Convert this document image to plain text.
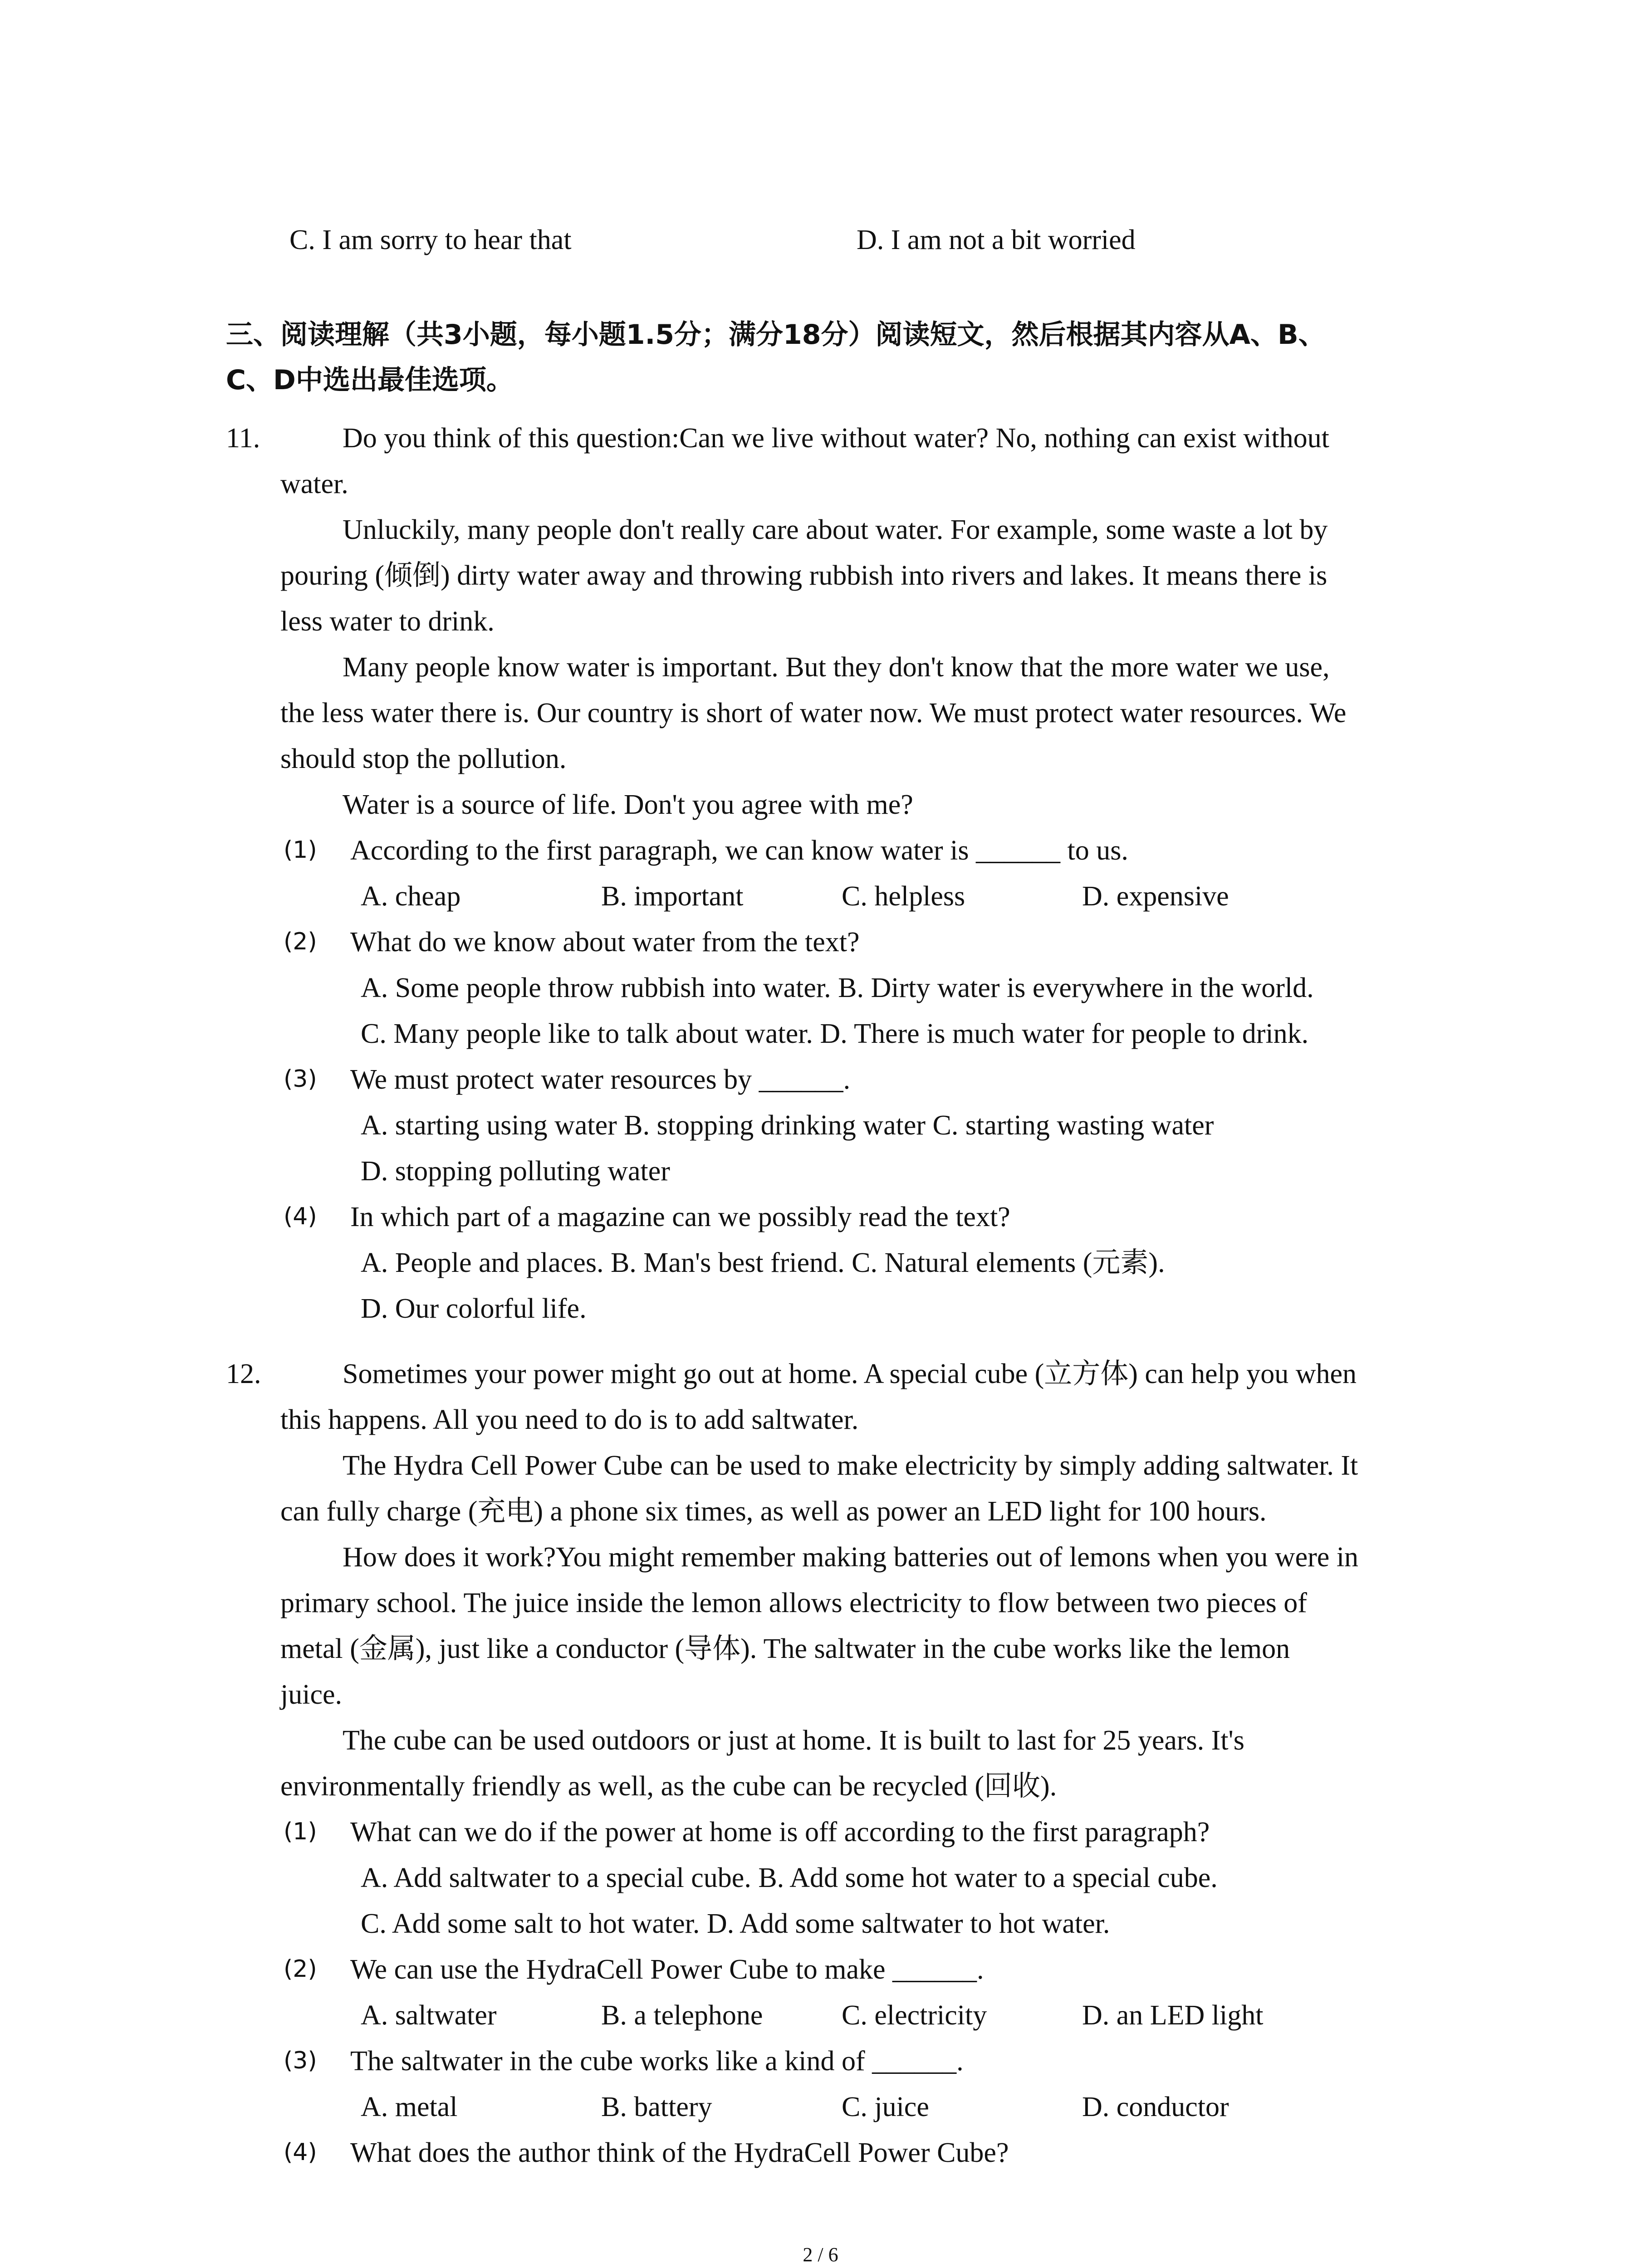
C. I am sorry to hear that	D. I am not a bit worried
三、阅读理解（共3小题，每小题1.5分；满分18分）阅读短文，然后根据其内容从A、B、
C、D中选出最佳选项。
11.	Do you think of this question:Can we live without water? No, nothing can exist without
water.
Unluckily, many people don't really care about water. For example, some waste a lot by
pouring (倾倒) dirty water away and throwing rubbish into rivers and lakes. It means there is
less water to drink.
Many people know water is important. But they don't know that the more water we use,
the less water there is. Our country is short of water now. We must protect water resources. We
should stop the pollution.
Water is a source of life. Don't you agree with me?
(1) According to the first paragraph, we can know water is ______ to us.
A. cheap	B. important	C. helpless	D. expensive
(2) What do we know about water from the text?
A. Some people throw rubbish into water. B. Dirty water is everywhere in the world.
C. Many people like to talk about water. D. There is much water for people to drink.
(3) We must protect water resources by ______.
A. starting using water B. stopping drinking water C. starting wasting water
D. stopping polluting water
(4) In which part of a magazine can we possibly read the text?
A. People and places. B. Man's best friend. C. Natural elements (元素).
D. Our colorful life.
12.	Sometimes your power might go out at home. A special cube (立方体) can help you when
this happens. All you need to do is to add saltwater.
The Hydra Cell Power Cube can be used to make electricity by simply adding saltwater. It
can fully charge (充电) a phone six times, as well as power an LED light for 100 hours.
How does it work?You might remember making batteries out of lemons when you were in
primary school. The juice inside the lemon allows electricity to flow between two pieces of
metal (金属), just like a conductor (导体). The saltwater in the cube works like the lemon
juice.
The cube can be used outdoors or just at home. It is built to last for 25 years. It's
environmentally friendly as well, as the cube can be recycled (回收).
(1) What can we do if the power at home is off according to the first paragraph?
A. Add saltwater to a special cube. B. Add some hot water to a special cube.
C. Add some salt to hot water. D. Add some saltwater to hot water.
(2) We can use the HydraCell Power Cube to make ______.
A. saltwater	B. a telephone	C. electricity	D. an LED light
(3) The saltwater in the cube works like a kind of ______.
A. metal	B. battery	C. juice	D. conductor
(4) What does the author think of the HydraCell Power Cube?
2 / 6
